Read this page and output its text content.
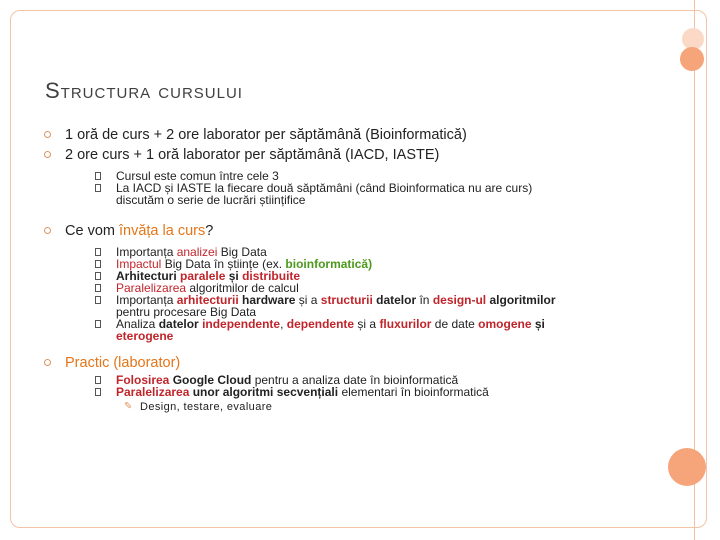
Structura cursului
1 oră de curs + 2 ore laborator per săptămână (Bioinformatică)
2 ore curs + 1 oră laborator per săptămână (IACD, IASTE)
Cursul este comun între cele 3
La IACD și IASTE la fiecare două săptămâni (când Bioinformatica nu are curs)
discutăm o serie de lucrări științifice
Ce vom învăța la curs?
Importanța analizei Big Data
Impactul Big Data în științe (ex. bioinformatică)
Arhitecturi paralele și distribuite
Paralelizarea algoritmilor de calcul
Importanța arhitecturii hardware și a structurii datelor în design-ul algoritmilor
pentru procesare Big Data
Analiza datelor independente, dependente și a fluxurilor de date omogene și
eterogene
Practic (laborator)
Folosirea Google Cloud pentru a analiza date în bioinformatică
Paralelizarea unor algoritmi secvențiali elementari în bioinformatică
✎ Design, testare, evaluare
